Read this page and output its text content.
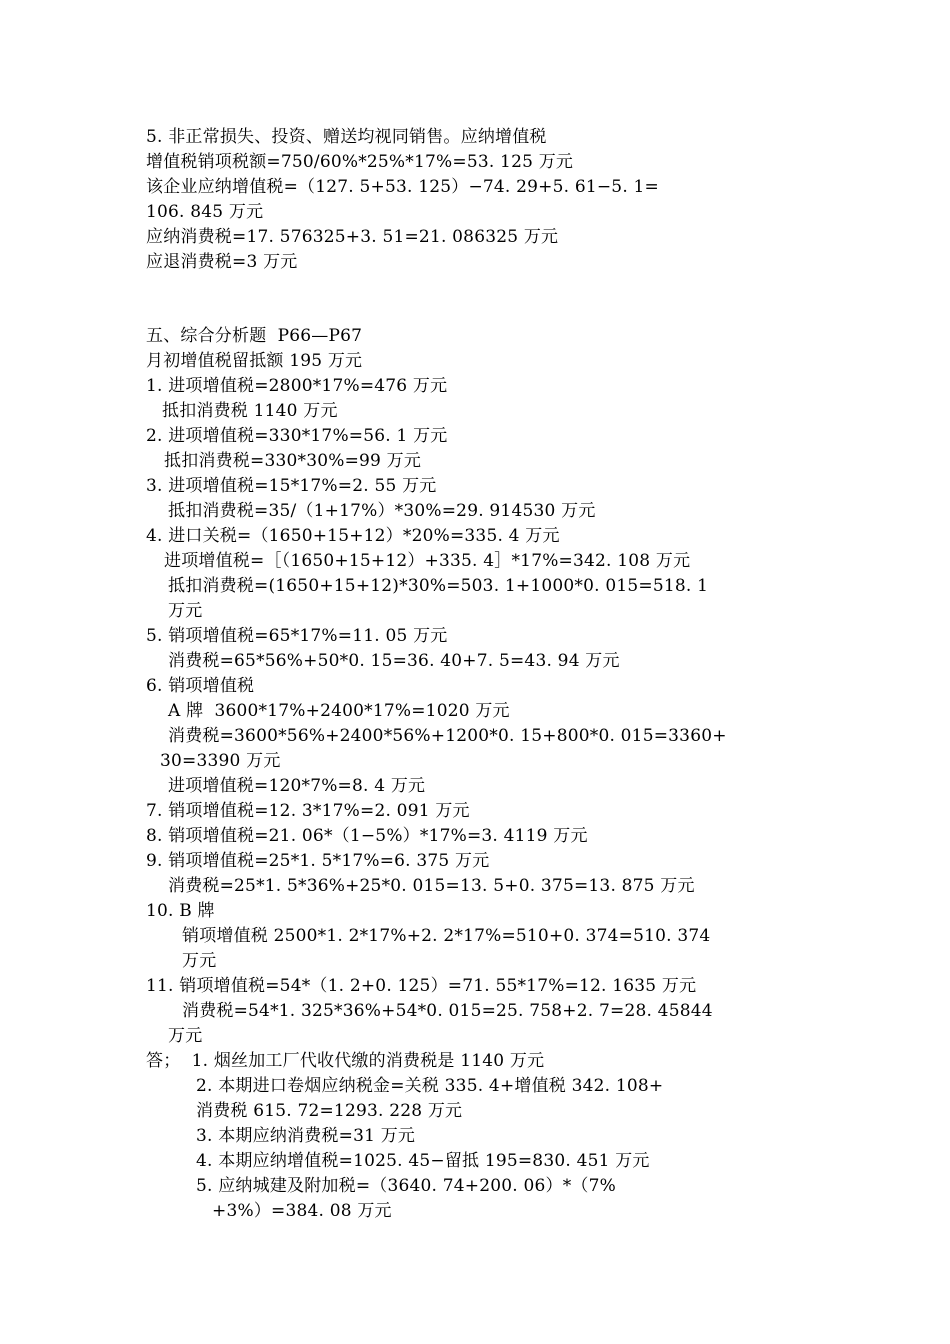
5. 非正常损失、投资、赠送均视同销售。应纳增值税
增值税销项税额=750/60%*25%*17%=53. 125 万元
该企业应纳增值税=（127. 5+53. 125）−74. 29+5. 61−5. 1=
106. 845 万元
应纳消费税=17. 576325+3. 51=21. 086325 万元
应退消费税=3 万元
五、综合分析题  P66—P67
月初增值税留抵额 195 万元
1. 进项增值税=2800*17%=476 万元
抵扣消费税 1140 万元
2. 进项增值税=330*17%=56. 1 万元
抵扣消费税=330*30%=99 万元
3. 进项增值税=15*17%=2. 55 万元
抵扣消费税=35/（1+17%）*30%=29. 914530 万元
4. 进口关税=（1650+15+12）*20%=335. 4 万元
进项增值税=［（1650+15+12）+335. 4］*17%=342. 108 万元
抵扣消费税=(1650+15+12)*30%=503. 1+1000*0. 015=518. 1
万元
5. 销项增值税=65*17%=11. 05 万元
消费税=65*56%+50*0. 15=36. 40+7. 5=43. 94 万元
6. 销项增值税
A 牌  3600*17%+2400*17%=1020 万元
消费税=3600*56%+2400*56%+1200*0. 15+800*0. 015=3360+
30=3390 万元
进项增值税=120*7%=8. 4 万元
7. 销项增值税=12. 3*17%=2. 091 万元
8. 销项增值税=21. 06*（1−5%）*17%=3. 4119 万元
9. 销项增值税=25*1. 5*17%=6. 375 万元
消费税=25*1. 5*36%+25*0. 015=13. 5+0. 375=13. 875 万元
10. B 牌
销项增值税 2500*1. 2*17%+2. 2*17%=510+0. 374=510. 374
万元
11. 销项增值税=54*（1. 2+0. 125）=71. 55*17%=12. 1635 万元
消费税=54*1. 325*36%+54*0. 015=25. 758+2. 7=28. 45844
万元
答；  1. 烟丝加工厂代收代缴的消费税是 1140 万元
2. 本期进口卷烟应纳税金=关税 335. 4+增值税 342. 108+
消费税 615. 72=1293. 228 万元
3. 本期应纳消费税=31 万元
4. 本期应纳增值税=1025. 45−留抵 195=830. 451 万元
5. 应纳城建及附加税=（3640. 74+200. 06）*（7%
+3%）=384. 08 万元
